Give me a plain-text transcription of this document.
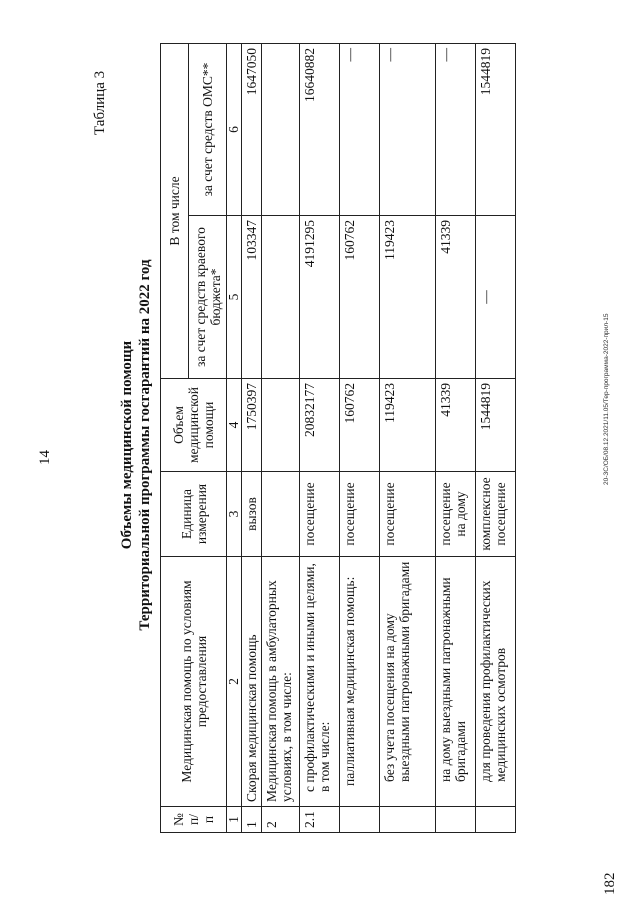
14
Таблица 3
Объемы медицинской помощи Территориальной программы госгарантий на 2022 год
№ п/п	Медицинская помощь по условиям предоставления	Единица измерения	Объем медицинской помощи	В том числе	
				за счет средств краевого бюджета*	за счет средств ОМС**
1	2	3	4	5	6
1	Скорая медицинская помощь	вызов	1750397	103347	1647050
2	Медицинская помощь в амбулаторных условиях, в том числе:				
2.1	с профилактическими и иными целями, в том числе:	посещение	20832177	4191295	16640882
	паллиативная медицинская помощь:	посещение	160762	160762	—
	без учета посещения на дому выездными патронажными бригадами	посещение	119423	119423	—
	на дому выездными патронажными бригадами	посещение на дому	41339	41339	—
	для проведения профилактических медицинских осмотров	комплексное посещение	1544819	—	1544819
20-ЗС/ОБ/08.12.2021/11.05/Тер-программа-2022-прил-15
182
